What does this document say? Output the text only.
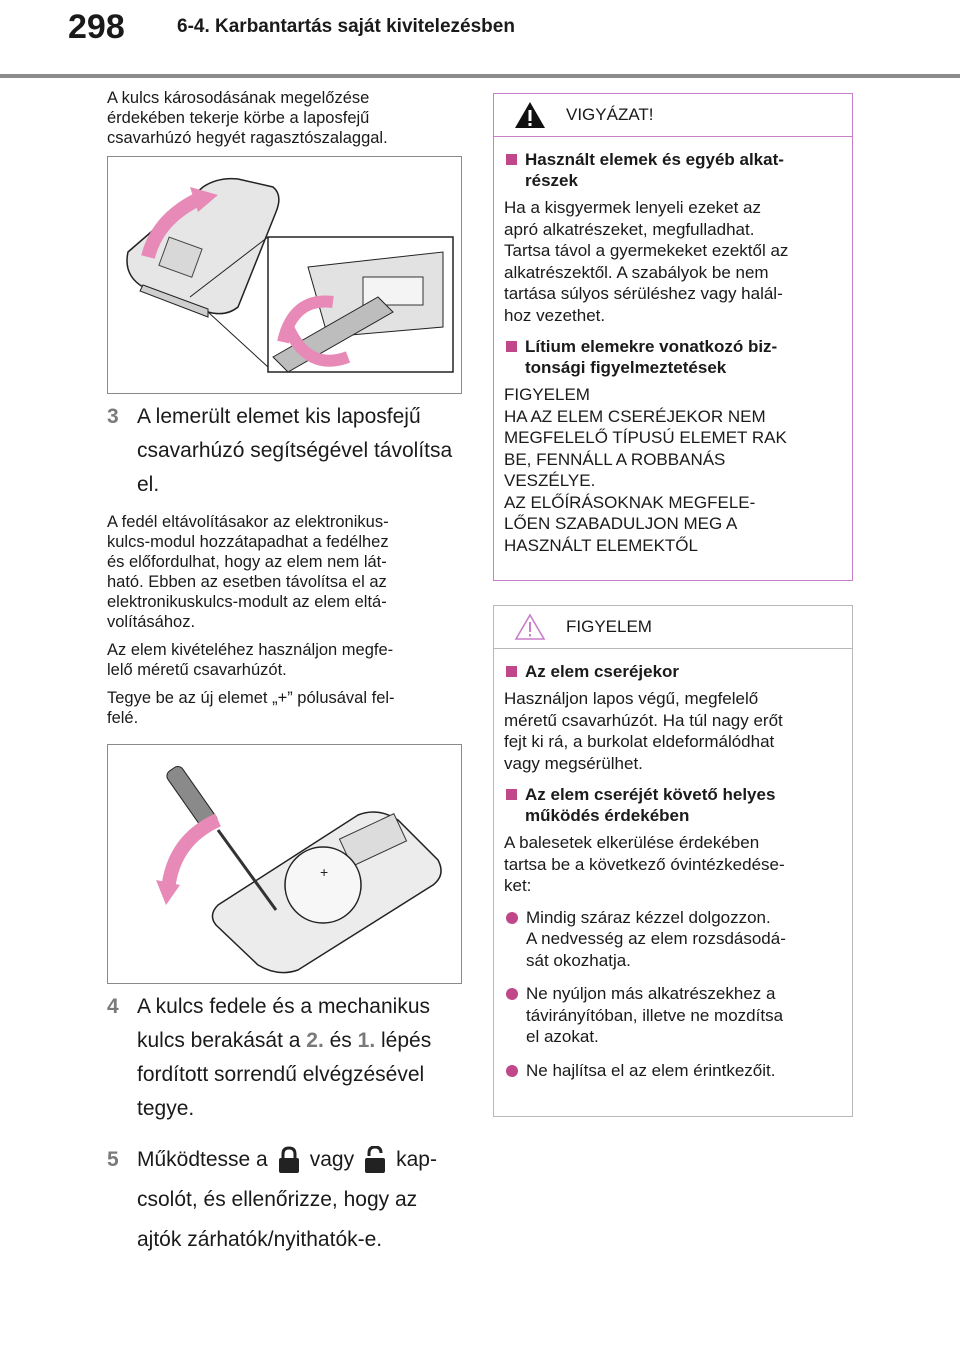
298	6-4. Karbantartás saját kivitelezésben

A kulcs károsodásának megelőzése
érdekében tekerje körbe a laposfejű
csavarhúzó hegyét ragasztószalaggal.

3 A lemerült elemet kis laposfejű csavarhúzó segítségével távolítsa el.

A fedél eltávolításakor az elektronikus-
kulcs-modul hozzátapadhat a fedélhez
és előfordulhat, hogy az elem nem lát-
ható. Ebben az esetben távolítsa el az
elektronikuskulcs-modult az elem eltá-
volításához.

Az elem kivételéhez használjon megfe-
lelő méretű csavarhúzót.

Tegye be az új elemet „+” pólusával fel-
felé.

+
4 A kulcs fedele és a mechanikus kulcs berakását a 2. és 1. lépés fordított sorrendű elvégzésével tegye.
5 Működtesse a vagy kap- csolót, és ellenőrizze, hogy az ajtók zárhatók/nyithatók-e.
VIGYÁZAT!
Használt elemek és egyéb alkat-
részek

Ha a kisgyermek lenyeli ezeket az
apró alkatrészeket, megfulladhat.
Tartsa távol a gyermekeket ezektől az
alkatrészektől. A szabályok be nem
tartása súlyos sérüléshez vagy halál-
hoz vezethet.

Lítium elemekre vonatkozó biz-
tonsági figyelmeztetések

FIGYELEM
HA AZ ELEM CSERÉJEKOR NEM
MEGFELELŐ TÍPUSÚ ELEMET RAK
BE, FENNÁLL A ROBBANÁS
VESZÉLYE.
AZ ELŐÍRÁSOKNAK MEGFELE-
LŐEN SZABADULJON MEG A
HASZNÁLT ELEMEKTŐL

FIGYELEM
Az elem cseréjekor

Használjon lapos végű, megfelelő
méretű csavarhúzót. Ha túl nagy erőt
fejt ki rá, a burkolat eldeformálódhat
vagy megsérülhet.

Az elem cseréjét követő helyes
működés érdekében

A balesetek elkerülése érdekében
tartsa be a következő óvintézkedése-
ket:

Mindig száraz kézzel dolgozzon.
A nedvesség az elem rozsdásodá-
sát okozhatja.
Ne nyúljon más alkatrészekhez a
távirányítóban, illetve ne mozdítsa
el azokat.
Ne hajlítsa el az elem érintkezőit.
